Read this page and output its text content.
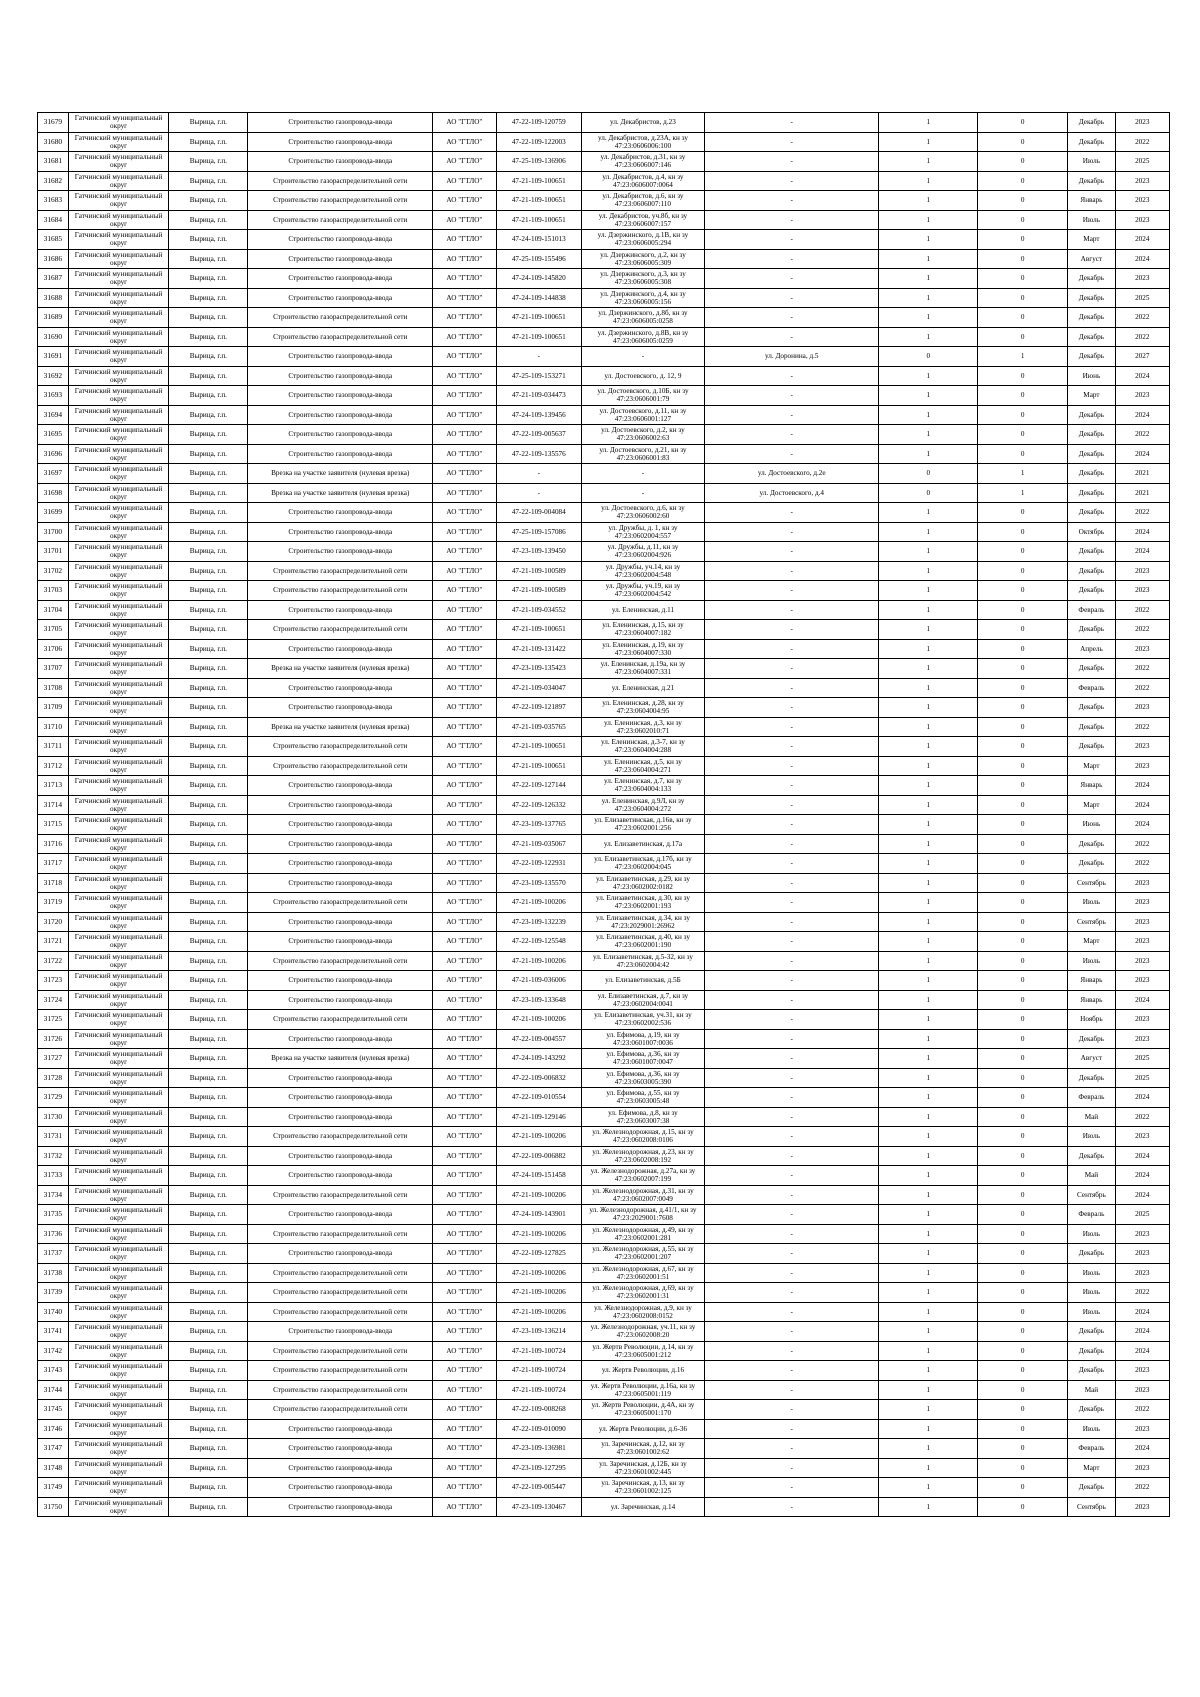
31679	Гатчинский муниципальный округ	Вырица, г.п.	Строительство газопровода-ввода	АО "ГТЛО"	47-22-109-120759	ул. Декабристов, д.23	-	1	0	Декабрь	2023
31680	Гатчинский муниципальный округ	Вырица, г.п.	Строительство газопровода-ввода	АО "ГТЛО"	47-22-109-122003	ул. Декабристов, д.23А, кн зу 47:23:0606006:100	-	1	0	Декабрь	2022
31681	Гатчинский муниципальный округ	Вырица, г.п.	Строительство газопровода-ввода	АО "ГТЛО"	47-25-109-136906	ул. Декабристов, д.31, кн зу 47:23:0606007:146	-	1	0	Июль	2025
31682	Гатчинский муниципальный округ	Вырица, г.п.	Строительство газораспределительной сети	АО "ГТЛО"	47-21-109-100651	ул. Декабристов, д.4, кн зу 47:23:0606007:0064	-	1	0	Декабрь	2023
31683	Гатчинский муниципальный округ	Вырица, г.п.	Строительство газораспределительной сети	АО "ГТЛО"	47-21-109-100651	ул. Декабристов, д.6, кн зу 47:23:0606007:110	-	1	0	Январь	2023
31684	Гатчинский муниципальный округ	Вырица, г.п.	Строительство газораспределительной сети	АО "ГТЛО"	47-21-109-100651	ул. Декабристов, уч.8б, кн зу 47:23:0606007:157	-	1	0	Июль	2023
31685	Гатчинский муниципальный округ	Вырица, г.п.	Строительство газопровода-ввода	АО "ГТЛО"	47-24-109-151013	ул. Дзержинского, д.1В, кн зу 47:23:0606005:294	-	1	0	Март	2024
31686	Гатчинский муниципальный округ	Вырица, г.п.	Строительство газопровода-ввода	АО "ГТЛО"	47-25-109-155496	ул. Дзержинского, д.2, кн зу 47:23:0606005:309	-	1	0	Август	2024
31687	Гатчинский муниципальный округ	Вырица, г.п.	Строительство газопровода-ввода	АО "ГТЛО"	47-24-109-145820	ул. Дзержинского, д.3, кн зу 47:23:0606005:308	-	1	0	Декабрь	2023
31688	Гатчинский муниципальный округ	Вырица, г.п.	Строительство газопровода-ввода	АО "ГТЛО"	47-24-109-144838	ул. Дзержинского, д.4, кн зу 47:23:0606005:156	-	1	0	Декабрь	2025
31689	Гатчинский муниципальный округ	Вырица, г.п.	Строительство газораспределительной сети	АО "ГТЛО"	47-21-109-100651	ул. Дзержинского, д.8б, кн зу 47:23:0606005:0258	-	1	0	Декабрь	2022
31690	Гатчинский муниципальный округ	Вырица, г.п.	Строительство газораспределительной сети	АО "ГТЛО"	47-21-109-100651	ул. Дзержинского, д.8В, кн зу 47:23:0606005:0259	-	1	0	Декабрь	2022
31691	Гатчинский муниципальный округ	Вырица, г.п.	Строительство газопровода-ввода	АО "ГТЛО"	-	-	ул. Доронина, д.5	0	1	Декабрь	2027
31692	Гатчинский муниципальный округ	Вырица, г.п.	Строительство газопровода-ввода	АО "ГТЛО"	47-25-109-153271	ул. Достоевского, д. 12, 9	-	1	0	Июнь	2024
31693	Гатчинский муниципальный округ	Вырица, г.п.	Строительство газопровода-ввода	АО "ГТЛО"	47-21-109-034473	ул. Достоевского, д.10Б, кн зу 47:23:0606001:79	-	1	0	Март	2023
31694	Гатчинский муниципальный округ	Вырица, г.п.	Строительство газопровода-ввода	АО "ГТЛО"	47-24-109-139456	ул. Достоевского, д.11, кн зу 47:23:0606001:127	-	1	0	Декабрь	2024
31695	Гатчинский муниципальный округ	Вырица, г.п.	Строительство газопровода-ввода	АО "ГТЛО"	47-22-109-005637	ул. Достоевского, д.2, кн зу 47:23:0606002:63	-	1	0	Декабрь	2022
31696	Гатчинский муниципальный округ	Вырица, г.п.	Строительство газопровода-ввода	АО "ГТЛО"	47-22-109-135576	ул. Достоевского, д.21, кн зу 47:23:0606001:83	-	1	0	Декабрь	2024
31697	Гатчинский муниципальный округ	Вырица, г.п.	Врезка на участке заявителя (нулевая врезка)	АО "ГТЛО"	-	-	ул. Достоевского, д.2е	0	1	Декабрь	2021
31698	Гатчинский муниципальный округ	Вырица, г.п.	Врезка на участке заявителя (нулевая врезка)	АО "ГТЛО"	-	-	ул. Достоевского, д.4	0	1	Декабрь	2021
31699	Гатчинский муниципальный округ	Вырица, г.п.	Строительство газопровода-ввода	АО "ГТЛО"	47-22-109-004084	ул. Достоевского, д.6, кн зу 47:23:0606002:60	-	1	0	Декабрь	2022
31700	Гатчинский муниципальный округ	Вырица, г.п.	Строительство газопровода-ввода	АО "ГТЛО"	47-25-109-157086	ул. Дружбы, д. 1, кн зу 47:23:0602004:557	-	1	0	Октябрь	2024
31701	Гатчинский муниципальный округ	Вырица, г.п.	Строительство газопровода-ввода	АО "ГТЛО"	47-23-109-139450	ул. Дружбы, д.11, кн зу 47:23:0602004:926	-	1	0	Декабрь	2024
31702	Гатчинский муниципальный округ	Вырица, г.п.	Строительство газораспределительной сети	АО "ГТЛО"	47-21-109-100589	ул. Дружбы, уч.14, кн зу 47:23:0602004:548	-	1	0	Декабрь	2023
31703	Гатчинский муниципальный округ	Вырица, г.п.	Строительство газораспределительной сети	АО "ГТЛО"	47-21-109-100589	ул. Дружбы, уч.19, кн зу 47:23:0602004:542	-	1	0	Декабрь	2023
31704	Гатчинский муниципальный округ	Вырица, г.п.	Строительство газопровода-ввода	АО "ГТЛО"	47-21-109-034552	ул. Еленинская, д.11	-	1	0	Февраль	2022
31705	Гатчинский муниципальный округ	Вырица, г.п.	Строительство газораспределительной сети	АО "ГТЛО"	47-21-109-100651	ул. Еленинская, д.15, кн зу 47:23:0604007:182	-	1	0	Декабрь	2022
31706	Гатчинский муниципальный округ	Вырица, г.п.	Строительство газопровода-ввода	АО "ГТЛО"	47-21-109-131422	ул. Еленинская, д.19, кн зу 47:23:0604007:330	-	1	0	Апрель	2023
31707	Гатчинский муниципальный округ	Вырица, г.п.	Врезка на участке заявителя (нулевая врезка)	АО "ГТЛО"	47-23-109-135423	ул. Еленинская, д.19а, кн зу 47:23:0604007:331	-	1	0	Декабрь	2022
31708	Гатчинский муниципальный округ	Вырица, г.п.	Строительство газопровода-ввода	АО "ГТЛО"	47-21-109-034047	ул. Еленинская, д.21	-	1	0	Февраль	2022
31709	Гатчинский муниципальный округ	Вырица, г.п.	Строительство газопровода-ввода	АО "ГТЛО"	47-22-109-121897	ул. Еленинская, д.28, кн зу 47:23:0604004:95	-	1	0	Декабрь	2023
31710	Гатчинский муниципальный округ	Вырица, г.п.	Врезка на участке заявителя (нулевая врезка)	АО "ГТЛО"	47-21-109-035765	ул. Еленинская, д.3, кн зу 47:23:0602010:71	-	1	0	Декабрь	2022
31711	Гатчинский муниципальный округ	Вырица, г.п.	Строительство газораспределительной сети	АО "ГТЛО"	47-21-109-100651	ул. Еленинская, д.3-7, кн зу 47:23:0604004:288	-	1	0	Декабрь	2023
31712	Гатчинский муниципальный округ	Вырица, г.п.	Строительство газораспределительной сети	АО "ГТЛО"	47-21-109-100651	ул. Еленинская, д.5, кн зу 47:23:0604004:271	-	1	0	Март	2023
31713	Гатчинский муниципальный округ	Вырица, г.п.	Строительство газопровода-ввода	АО "ГТЛО"	47-22-109-127144	ул. Еленинская, д.7, кн зу 47:23:0604004:133	-	1	0	Январь	2024
31714	Гатчинский муниципальный округ	Вырица, г.п.	Строительство газопровода-ввода	АО "ГТЛО"	47-22-109-126332	ул. Еленинская, д.9Л, кн зу 47:23:0604004:272	-	1	0	Март	2024
31715	Гатчинский муниципальный округ	Вырица, г.п.	Строительство газопровода-ввода	АО "ГТЛО"	47-23-109-137765	ул. Елизаветинская, д.16в, кн зу 47:23:0602001:256	-	1	0	Июнь	2024
31716	Гатчинский муниципальный округ	Вырица, г.п.	Строительство газопровода-ввода	АО "ГТЛО"	47-21-109-035067	ул. Елизаветинская, д.17а	-	1	0	Декабрь	2022
31717	Гатчинский муниципальный округ	Вырица, г.п.	Строительство газопровода-ввода	АО "ГТЛО"	47-22-109-122931	ул. Елизаветинская, д.17б, кн зу 47:23:0602004:045	-	1	0	Декабрь	2022
31718	Гатчинский муниципальный округ	Вырица, г.п.	Строительство газопровода-ввода	АО "ГТЛО"	47-23-109-135570	ул. Елизаветинская, д.29, кн зу 47:23:0602002:0182	-	1	0	Сентябрь	2023
31719	Гатчинский муниципальный округ	Вырица, г.п.	Строительство газораспределительной сети	АО "ГТЛО"	47-21-109-100206	ул. Елизаветинская, д.30, кн зу 47:23:0602001:193	-	1	0	Июль	2023
31720	Гатчинский муниципальный округ	Вырица, г.п.	Строительство газопровода-ввода	АО "ГТЛО"	47-23-109-132239	ул. Елизаветинская, д.34, кн зу 47:23:2029001:26962	-	1	0	Сентябрь	2023
31721	Гатчинский муниципальный округ	Вырица, г.п.	Строительство газопровода-ввода	АО "ГТЛО"	47-22-109-125548	ул. Елизаветинская, д.40, кн зу 47:23:0602001:190	-	1	0	Март	2023
31722	Гатчинский муниципальный округ	Вырица, г.п.	Строительство газораспределительной сети	АО "ГТЛО"	47-21-109-100206	ул. Елизаветинская, д.5-32, кн зу 47:23:0602004:42	-	1	0	Июль	2023
31723	Гатчинский муниципальный округ	Вырица, г.п.	Строительство газопровода-ввода	АО "ГТЛО"	47-21-109-036006	ул. Елизаветинская, д.5Б	-	1	0	Январь	2023
31724	Гатчинский муниципальный округ	Вырица, г.п.	Строительство газопровода-ввода	АО "ГТЛО"	47-23-109-133648	ул. Елизаветинская, д.7, кн зу 47:23:0602004:0041	-	1	0	Январь	2024
31725	Гатчинский муниципальный округ	Вырица, г.п.	Строительство газораспределительной сети	АО "ГТЛО"	47-21-109-100206	ул. Елизаветинская, уч.31, кн зу 47:23:0602002:536	-	1	0	Ноябрь	2023
31726	Гатчинский муниципальный округ	Вырица, г.п.	Строительство газопровода-ввода	АО "ГТЛО"	47-22-109-004557	ул. Ефимова, д.19, кн зу 47:23:0601007:0036	-	1	0	Декабрь	2023
31727	Гатчинский муниципальный округ	Вырица, г.п.	Врезка на участке заявителя (нулевая врезка)	АО "ГТЛО"	47-24-109-143292	ул. Ефимова, д.36, кн зу 47:23:0601007:0047	-	1	0	Август	2025
31728	Гатчинский муниципальный округ	Вырица, г.п.	Строительство газопровода-ввода	АО "ГТЛО"	47-22-109-006832	ул. Ефимова, д.36, кн зу 47:23:0603005:390	-	1	0	Декабрь	2025
31729	Гатчинский муниципальный округ	Вырица, г.п.	Строительство газопровода-ввода	АО "ГТЛО"	47-22-109-010554	ул. Ефимова, д.55, кн зу 47:23:0603005:48	-	1	0	Февраль	2024
31730	Гатчинский муниципальный округ	Вырица, г.п.	Строительство газопровода-ввода	АО "ГТЛО"	47-21-109-129146	ул. Ефимова, д.8, кн зу 47:23:0603007:38	-	1	0	Май	2022
31731	Гатчинский муниципальный округ	Вырица, г.п.	Строительство газораспределительной сети	АО "ГТЛО"	47-21-109-100206	ул. Железнодорожная, д.15, кн зу 47:23:0602008:0106	-	1	0	Июль	2023
31732	Гатчинский муниципальный округ	Вырица, г.п.	Строительство газопровода-ввода	АО "ГТЛО"	47-22-109-006882	ул. Железнодорожная, д.23, кн зу 47:23:0602008:192	-	1	0	Декабрь	2024
31733	Гатчинский муниципальный округ	Вырица, г.п.	Строительство газопровода-ввода	АО "ГТЛО"	47-24-109-151458	ул. Железнодорожная, д.27а, кн зу 47:23:0602007:199	-	1	0	Май	2024
31734	Гатчинский муниципальный округ	Вырица, г.п.	Строительство газораспределительной сети	АО "ГТЛО"	47-21-109-100206	ул. Железнодорожная, д.31, кн зу 47:23:0602007:0049	-	1	0	Сентябрь	2024
31735	Гатчинский муниципальный округ	Вырица, г.п.	Строительство газопровода-ввода	АО "ГТЛО"	47-24-109-143901	ул. Железнодорожная, д.41/1, кн зу 47:23:2029001:7608	-	1	0	Февраль	2025
31736	Гатчинский муниципальный округ	Вырица, г.п.	Строительство газораспределительной сети	АО "ГТЛО"	47-21-109-100206	ул. Железнодорожная, д.49, кн зу 47:23:0602001:281	-	1	0	Июль	2023
31737	Гатчинский муниципальный округ	Вырица, г.п.	Строительство газопровода-ввода	АО "ГТЛО"	47-22-109-127825	ул. Железнодорожная, д.55, кн зу 47:23:0602001:207	-	1	0	Декабрь	2023
31738	Гатчинский муниципальный округ	Вырица, г.п.	Строительство газораспределительной сети	АО "ГТЛО"	47-21-109-100206	ул. Железнодорожная, д.67, кн зу 47:23:0602001:51	-	1	0	Июль	2023
31739	Гатчинский муниципальный округ	Вырица, г.п.	Строительство газораспределительной сети	АО "ГТЛО"	47-21-109-100206	ул. Железнодорожная, д.69, кн зу 47:23:0602001:31	-	1	0	Июль	2022
31740	Гатчинский муниципальный округ	Вырица, г.п.	Строительство газораспределительной сети	АО "ГТЛО"	47-21-109-100206	ул. Железнодорожная, д.9, кн зу 47:23:0602008:0152	-	1	0	Июль	2024
31741	Гатчинский муниципальный округ	Вырица, г.п.	Строительство газопровода-ввода	АО "ГТЛО"	47-23-109-136214	ул. Железнодорожная, уч.11, кн зу 47:23:0602008:20	-	1	0	Декабрь	2024
31742	Гатчинский муниципальный округ	Вырица, г.п.	Строительство газораспределительной сети	АО "ГТЛО"	47-21-109-100724	ул. Жертв Революции, д.14, кн зу 47:23:0605001:212	-	1	0	Декабрь	2024
31743	Гатчинский муниципальный округ	Вырица, г.п.	Строительство газораспределительной сети	АО "ГТЛО"	47-21-109-100724	ул. Жертв Революции, д.16	-	1	0	Декабрь	2023
31744	Гатчинский муниципальный округ	Вырица, г.п.	Строительство газораспределительной сети	АО "ГТЛО"	47-21-109-100724	ул. Жертв Революции, д.16а, кн зу 47:23:0605001:119	-	1	0	Май	2023
31745	Гатчинский муниципальный округ	Вырица, г.п.	Строительство газораспределительной сети	АО "ГТЛО"	47-22-109-008268	ул. Жертв Революции, д.4А, кн зу 47:23:0605001:170	-	1	0	Декабрь	2022
31746	Гатчинский муниципальный округ	Вырица, г.п.	Строительство газопровода-ввода	АО "ГТЛО"	47-22-109-010090	ул. Жертв Революции, д.6-36	-	1	0	Июль	2023
31747	Гатчинский муниципальный округ	Вырица, г.п.	Строительство газопровода-ввода	АО "ГТЛО"	47-23-109-136981	ул. Заречинская, д.12, кн зу 47:23:0601002:62	-	1	0	Февраль	2024
31748	Гатчинский муниципальный округ	Вырица, г.п.	Строительство газопровода-ввода	АО "ГТЛО"	47-23-109-127295	ул. Заречинская, д.12Б, кн зу 47:23:0601002:445	-	1	0	Март	2023
31749	Гатчинский муниципальный округ	Вырица, г.п.	Строительство газопровода-ввода	АО "ГТЛО"	47-22-109-005447	ул. Заречинская, д.13, кн зу 47:23:0601002:125	-	1	0	Декабрь	2022
31750	Гатчинский муниципальный округ	Вырица, г.п.	Строительство газопровода-ввода	АО "ГТЛО"	47-23-109-130467	ул. Заречинская, д.14	-	1	0	Сентябрь	2023
